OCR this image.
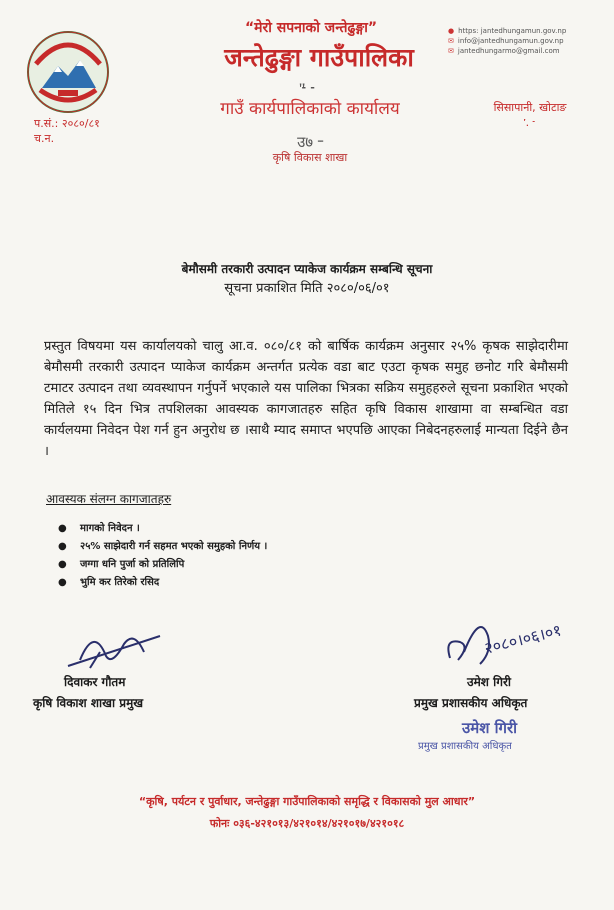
“मेरो सपनाको जन्तेढुङ्गा”
जन्तेढुङ्गा गाउँपालिका
ᡃ᠊ᡃᡃ ᠊
गाउँ कार्यपालिकाको कार्यालय
उ७ ᠊᠊
कृषि विकास शाखा
● https: jantedhungamun.gov.np
✉ info@jantedhungamun.gov.np
✉ jantedhungarmo@gmail.com
प.सं.: २०८०/८१
च.न.
सिसापानी, खोटाङ
ᡃᡃᡃ. ᠊
बेमौसमी तरकारी उत्पादन प्याकेज कार्यक्रम सम्बन्धि सूचना
सूचना प्रकाशित मिति २०८०/०६/०१
प्रस्तुत विषयमा यस कार्यालयको चालु आ.व. ०८०/८१ को बार्षिक कार्यक्रम अनुसार २५% कृषक साझेदारीमा बेमौसमी तरकारी उत्पादन प्याकेज कार्यक्रम अन्तर्गत प्रत्येक वडा बाट एउटा कृषक समुह छनोट गरि बेमौसमी टमाटर उत्पादन तथा व्यवस्थापन गर्नुपर्ने भएकाले यस पालिका भित्रका सक्रिय समुहहरुले सूचना प्रकाशित भएको मितिले १५ दिन भित्र तपशिलका आवस्यक कागजातहरु सहित कृषि विकास शाखामा वा सम्बन्धित वडा कार्यलयमा निवेदन पेश गर्न हुन अनुरोध छ ।साथै म्याद समाप्त भएपछि आएका निबेदनहरुलाई मान्यता दिईने छैन ।
आवस्यक संलग्न कागजातहरु
● मागको निवेदन ।
● २५% साझेदारी गर्न सहमत भएको समुहको निर्णय ।
● जग्गा धनि पुर्जा को प्रतिलिपि
● भुमि कर तिरेको रसिद
दिवाकर गौतम
कृषि विकाश शाखा प्रमुख
२०८०।०६।०१
उमेश गिरी
प्रमुख प्रशासकीय अधिकृत
उमेश गिरी
प्रमुख प्रशासकीय अधिकृत
“कृषि, पर्यटन र पुर्वाधार, जन्तेढुङ्गा गाउँपालिकाको समृद्धि र विकासको मुल आधार”
फोनः ०३६-४२१०१३/४२१०१४/४२१०१७/४२१०१८
